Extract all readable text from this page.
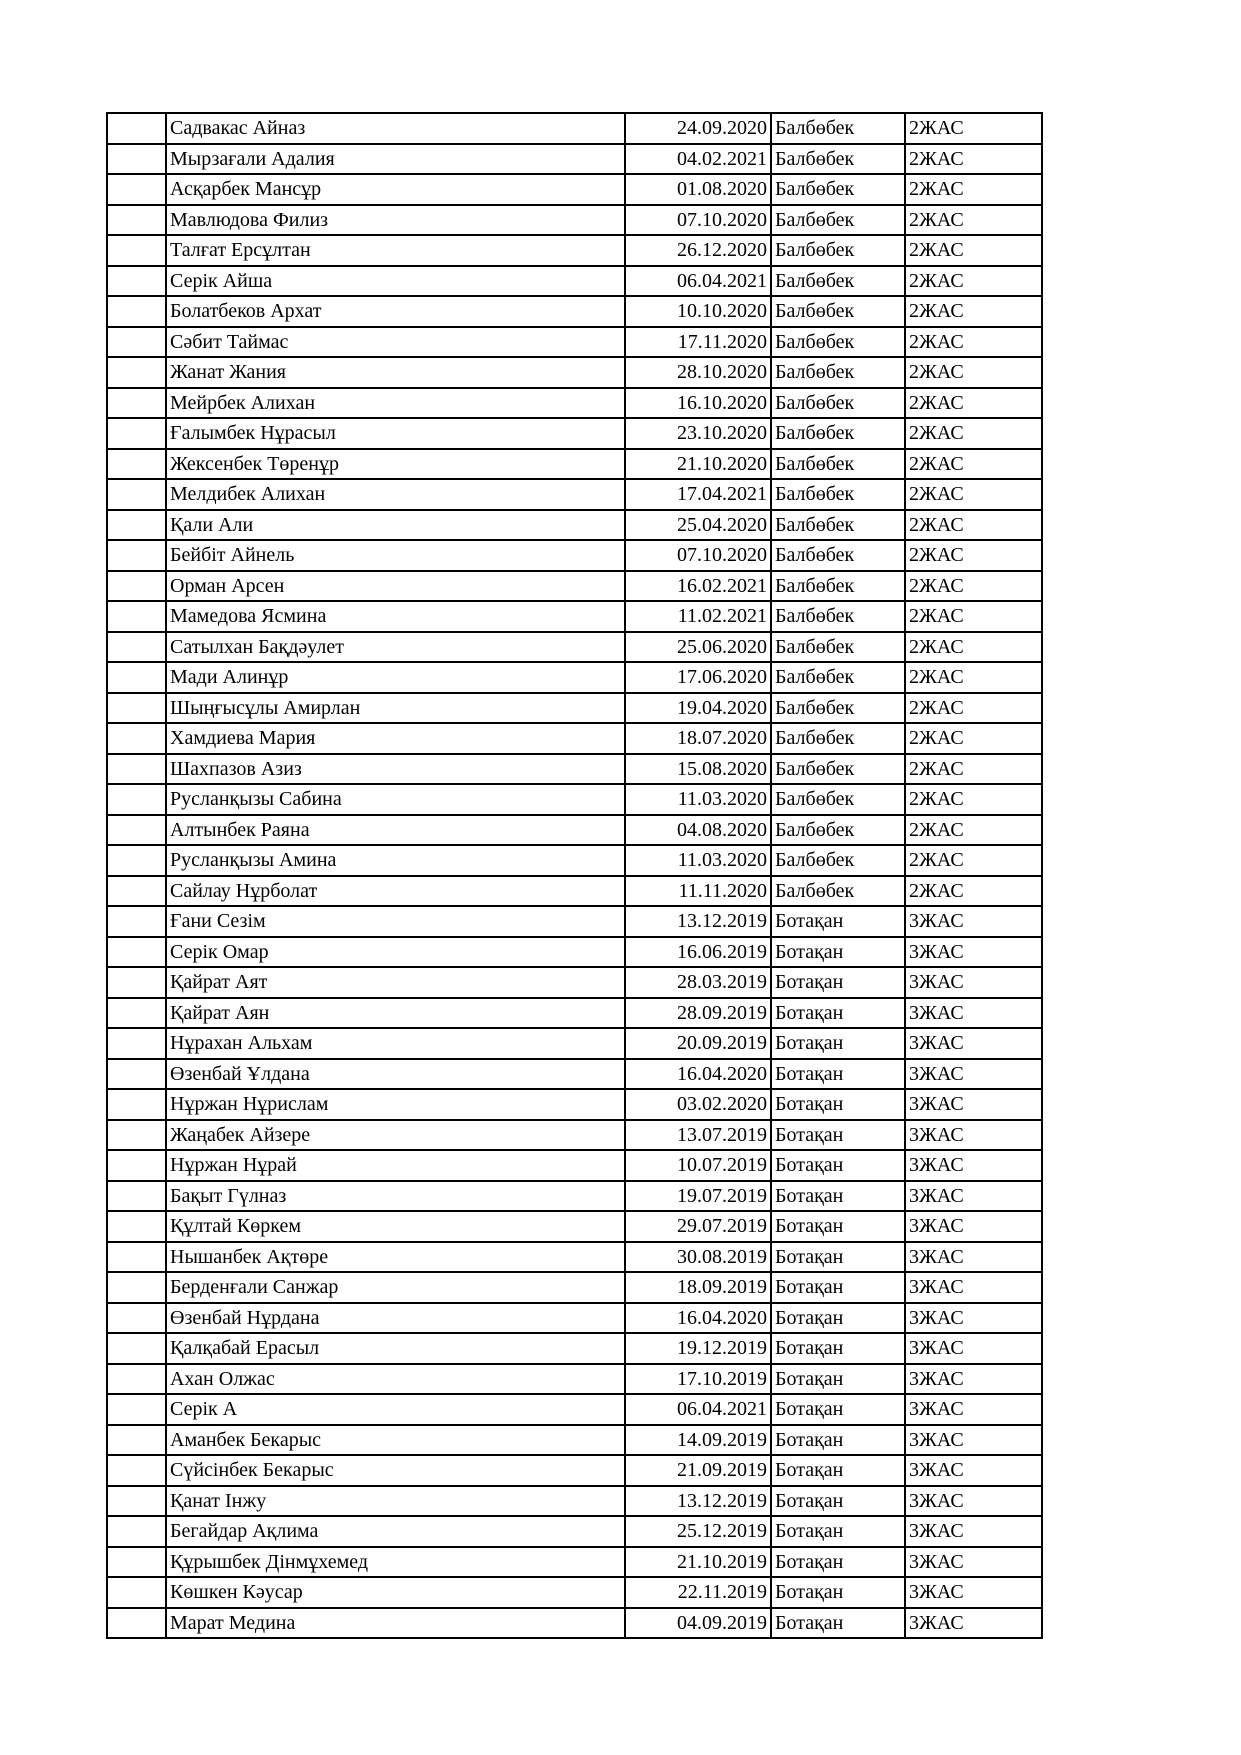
	Садвакас Айназ	24.09.2020	Балбөбек	2ЖАС
	Мырзағали Адалия	04.02.2021	Балбөбек	2ЖАС
	Асқарбек Мансұр	01.08.2020	Балбөбек	2ЖАС
	Мавлюдова Филиз	07.10.2020	Балбөбек	2ЖАС
	Талғат Ерсұлтан	26.12.2020	Балбөбек	2ЖАС
	Серік Айша	06.04.2021	Балбөбек	2ЖАС
	Болатбеков Архат	10.10.2020	Балбөбек	2ЖАС
	Сәбит Таймас	17.11.2020	Балбөбек	2ЖАС
	Жанат Жания	28.10.2020	Балбөбек	2ЖАС
	Мейрбек Алихан	16.10.2020	Балбөбек	2ЖАС
	Ғалымбек Нұрасыл	23.10.2020	Балбөбек	2ЖАС
	Жексенбек Төренұр	21.10.2020	Балбөбек	2ЖАС
	Мелдибек Алихан	17.04.2021	Балбөбек	2ЖАС
	Қали Али	25.04.2020	Балбөбек	2ЖАС
	Бейбіт Айнель	07.10.2020	Балбөбек	2ЖАС
	Орман Арсен	16.02.2021	Балбөбек	2ЖАС
	Мамедова Ясмина	11.02.2021	Балбөбек	2ЖАС
	Сатылхан Бақдәулет	25.06.2020	Балбөбек	2ЖАС
	Мади Алинұр	17.06.2020	Балбөбек	2ЖАС
	Шыңғысұлы Амирлан	19.04.2020	Балбөбек	2ЖАС
	Хамдиева Мария	18.07.2020	Балбөбек	2ЖАС
	Шахпазов Азиз	15.08.2020	Балбөбек	2ЖАС
	Русланқызы Сабина	11.03.2020	Балбөбек	2ЖАС
	Алтынбек Раяна	04.08.2020	Балбөбек	2ЖАС
	Русланқызы Амина	11.03.2020	Балбөбек	2ЖАС
	Сайлау Нұрболат	11.11.2020	Балбөбек	2ЖАС
	Ғани Сезім	13.12.2019	Ботақан	3ЖАС
	Серік Омар	16.06.2019	Ботақан	3ЖАС
	Қайрат Аят	28.03.2019	Ботақан	3ЖАС
	Қайрат Аян	28.09.2019	Ботақан	3ЖАС
	Нұрахан Альхам	20.09.2019	Ботақан	3ЖАС
	Өзенбай Ұлдана	16.04.2020	Ботақан	3ЖАС
	Нұржан Нұрислам	03.02.2020	Ботақан	3ЖАС
	Жаңабек Айзере	13.07.2019	Ботақан	3ЖАС
	Нұржан Нұрай	10.07.2019	Ботақан	3ЖАС
	Бақыт Гүлназ	19.07.2019	Ботақан	3ЖАС
	Құлтай Көркем	29.07.2019	Ботақан	3ЖАС
	Нышанбек Ақтөре	30.08.2019	Ботақан	3ЖАС
	Берденғали Санжар	18.09.2019	Ботақан	3ЖАС
	Өзенбай Нұрдана	16.04.2020	Ботақан	3ЖАС
	Қалқабай Ерасыл	19.12.2019	Ботақан	3ЖАС
	Ахан Олжас	17.10.2019	Ботақан	3ЖАС
	Серік А	06.04.2021	Ботақан	3ЖАС
	Аманбек Бекарыс	14.09.2019	Ботақан	3ЖАС
	Сүйсінбек Бекарыс	21.09.2019	Ботақан	3ЖАС
	Қанат Інжу	13.12.2019	Ботақан	3ЖАС
	Бегайдар Ақлима	25.12.2019	Ботақан	3ЖАС
	Құрышбек Дінмұхемед	21.10.2019	Ботақан	3ЖАС
	Көшкен Кәусар	22.11.2019	Ботақан	3ЖАС
	Марат Медина	04.09.2019	Ботақан	3ЖАС
